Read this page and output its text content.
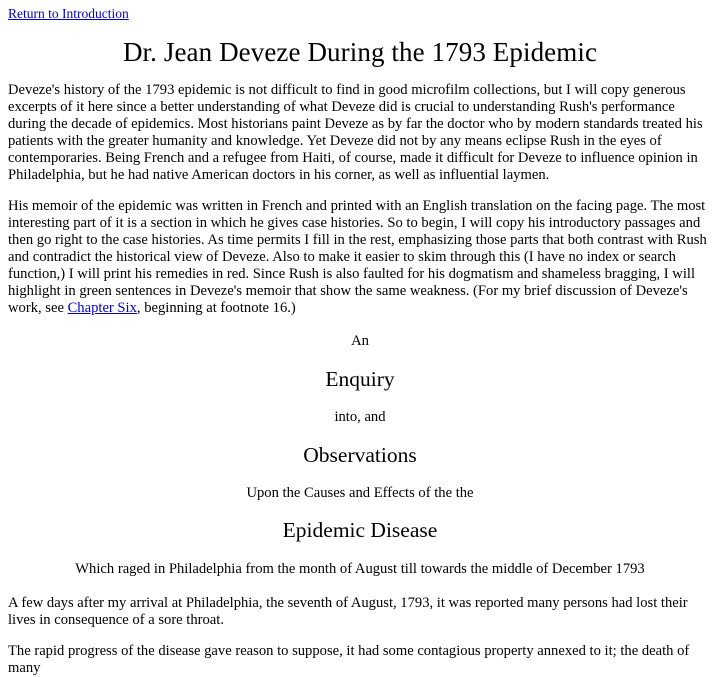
Return to Introduction
Dr. Jean Deveze During the 1793 Epidemic

Deveze's history of the 1793 epidemic is not difficult to find in good microfilm collections, but I will copy generous excerpts of it here since a better understanding of what Deveze did is crucial to understanding Rush's performance during the decade of epidemics. Most historians paint Deveze as by far the doctor who by modern standards treated his patients with the greater humanity and knowledge. Yet Deveze did not by any means eclipse Rush in the eyes of contemporaries. Being French and a refugee from Haiti, of course, made it difficult for Deveze to influence opinion in Philadelphia, but he had native American doctors in his corner, as well as influential laymen.

His memoir of the epidemic was written in French and printed with an English translation on the facing page. The most interesting part of it is a section in which he gives case histories. So to begin, I will copy his introductory passages and then go right to the case histories. As time permits I fill in the rest, emphasizing those parts that both contrast with Rush and contradict the historical view of Deveze. Also to make it easier to skim through this (I have no index or search function,) I will print his remedies in red. Since Rush is also faulted for his dogmatism and shameless bragging, I will highlight in green sentences in Deveze's memoir that show the same weakness. (For my brief discussion of Deveze's work, see Chapter Six, beginning at footnote 16.)

An
Enquiry
into, and
Observations
Upon the Causes and Effects of the the
Epidemic Disease
Which raged in Philadelphia from the month of August till towards the middle of December 1793

A few days after my arrival at Philadelphia, the seventh of August, 1793, it was reported many persons had lost their lives in consequence of a sore throat.

The rapid progress of the disease gave reason to suppose, it had some contagious property annexed to it; the death of many
